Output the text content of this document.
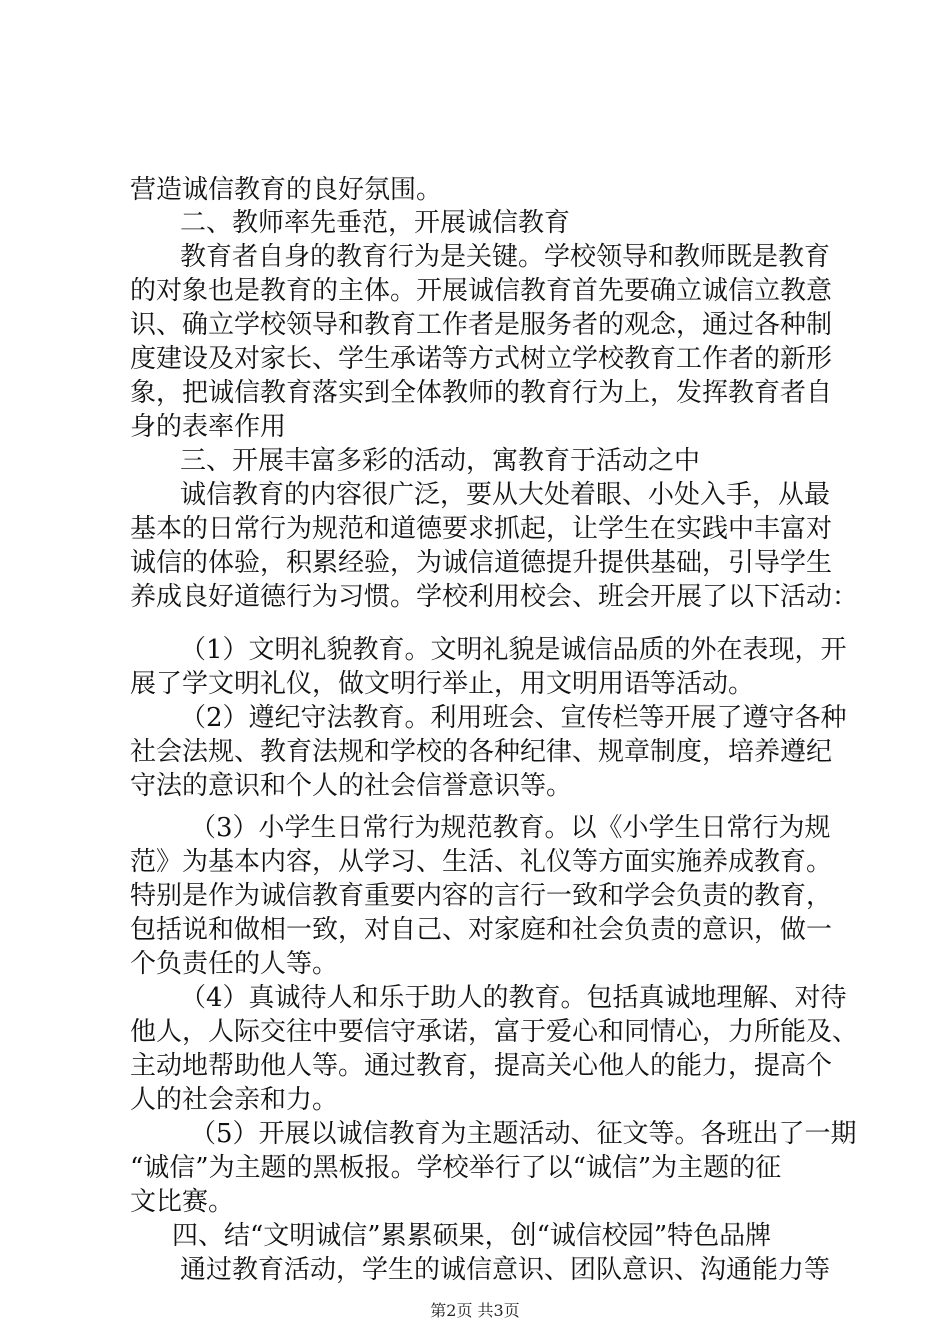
营造诚信教育的良好氛围。
二、教师率先垂范，开展诚信教育
教育者自身的教育行为是关键。学校领导和教师既是教育
的对象也是教育的主体。开展诚信教育首先要确立诚信立教意
识、确立学校领导和教育工作者是服务者的观念，通过各种制
度建设及对家长、学生承诺等方式树立学校教育工作者的新形
象，把诚信教育落实到全体教师的教育行为上，发挥教育者自
身的表率作用
三、开展丰富多彩的活动，寓教育于活动之中
诚信教育的内容很广泛，要从大处着眼、小处入手，从最
基本的日常行为规范和道德要求抓起，让学生在实践中丰富对
诚信的体验，积累经验，为诚信道德提升提供基础，引导学生
养成良好道德行为习惯。学校利用校会、班会开展了以下活动：
（1）文明礼貌教育。文明礼貌是诚信品质的外在表现，开
展了学文明礼仪，做文明行举止，用文明用语等活动。
（2）遵纪守法教育。利用班会、宣传栏等开展了遵守各种
社会法规、教育法规和学校的各种纪律、规章制度，培养遵纪
守法的意识和个人的社会信誉意识等。
（3）小学生日常行为规范教育。以《小学生日常行为规
范》为基本内容，从学习、生活、礼仪等方面实施养成教育。
特别是作为诚信教育重要内容的言行一致和学会负责的教育，
包括说和做相一致，对自己、对家庭和社会负责的意识，做一
个负责任的人等。
（4）真诚待人和乐于助人的教育。包括真诚地理解、对待
他人，人际交往中要信守承诺，富于爱心和同情心，力所能及、
主动地帮助他人等。通过教育，提高关心他人的能力，提高个
人的社会亲和力。
（5）开展以诚信教育为主题活动、征文等。各班出了一期
“诚信”为主题的黑板报。学校举行了以“诚信”为主题的征
文比赛。
四、结“文明诚信”累累硕果，创“诚信校园”特色品牌
通过教育活动，学生的诚信意识、团队意识、沟通能力等
第2页 共3页
